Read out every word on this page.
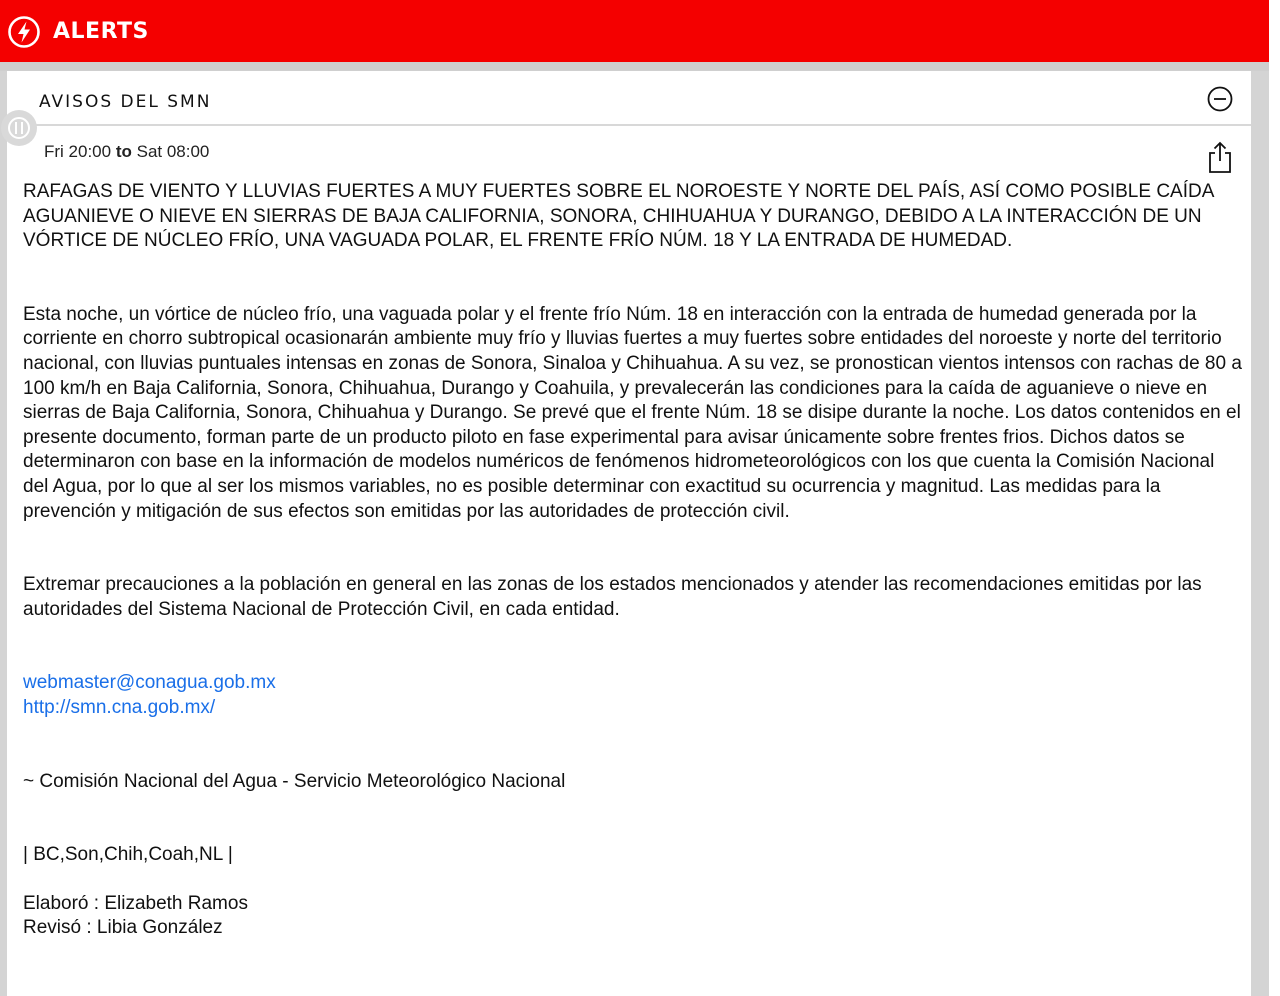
ALERTS
AVISOS DEL SMN
Fri 20:00 to Sat 08:00
RAFAGAS DE VIENTO Y LLUVIAS FUERTES A MUY FUERTES SOBRE EL NOROESTE Y NORTE DEL PAÍS, ASÍ COMO POSIBLE CAÍDA AGUANIEVE O NIEVE EN SIERRAS DE BAJA CALIFORNIA, SONORA, CHIHUAHUA Y DURANGO, DEBIDO A LA INTERACCIÓN DE UN VÓRTICE DE NÚCLEO FRÍO, UNA VAGUADA POLAR, EL FRENTE FRÍO NÚM. 18 Y LA ENTRADA DE HUMEDAD.
Esta noche, un vórtice de núcleo frío, una vaguada polar y el frente frío Núm. 18 en interacción con la entrada de humedad generada por la corriente en chorro subtropical ocasionarán ambiente muy frío y lluvias fuertes a muy fuertes sobre entidades del noroeste y norte del territorio nacional, con lluvias puntuales intensas en zonas de Sonora, Sinaloa y Chihuahua. A su vez, se pronostican vientos intensos con rachas de 80 a 100 km/h en Baja California, Sonora, Chihuahua, Durango y Coahuila, y prevalecerán las condiciones para la caída de aguanieve o nieve en sierras de Baja California, Sonora, Chihuahua y Durango. Se prevé que el frente Núm. 18 se disipe durante la noche. Los datos contenidos en el presente documento, forman parte de un producto piloto en fase experimental para avisar únicamente sobre frentes frios. Dichos datos se determinaron con base en la información de modelos numéricos de fenómenos hidrometeorológicos con los que cuenta la Comisión Nacional del Agua, por lo que al ser los mismos variables, no es posible determinar con exactitud su ocurrencia y magnitud. Las medidas para la prevención y mitigación de sus efectos son emitidas por las autoridades de protección civil.
Extremar precauciones a la población en general en las zonas de los estados mencionados y atender las recomendaciones emitidas por las autoridades del Sistema Nacional de Protección Civil, en cada entidad.
webmaster@conagua.gob.mx
http://smn.cna.gob.mx/
~ Comisión Nacional del Agua - Servicio Meteorológico Nacional
| BC,Son,Chih,Coah,NL |
Elaboró : Elizabeth Ramos
Revisó : Libia González
